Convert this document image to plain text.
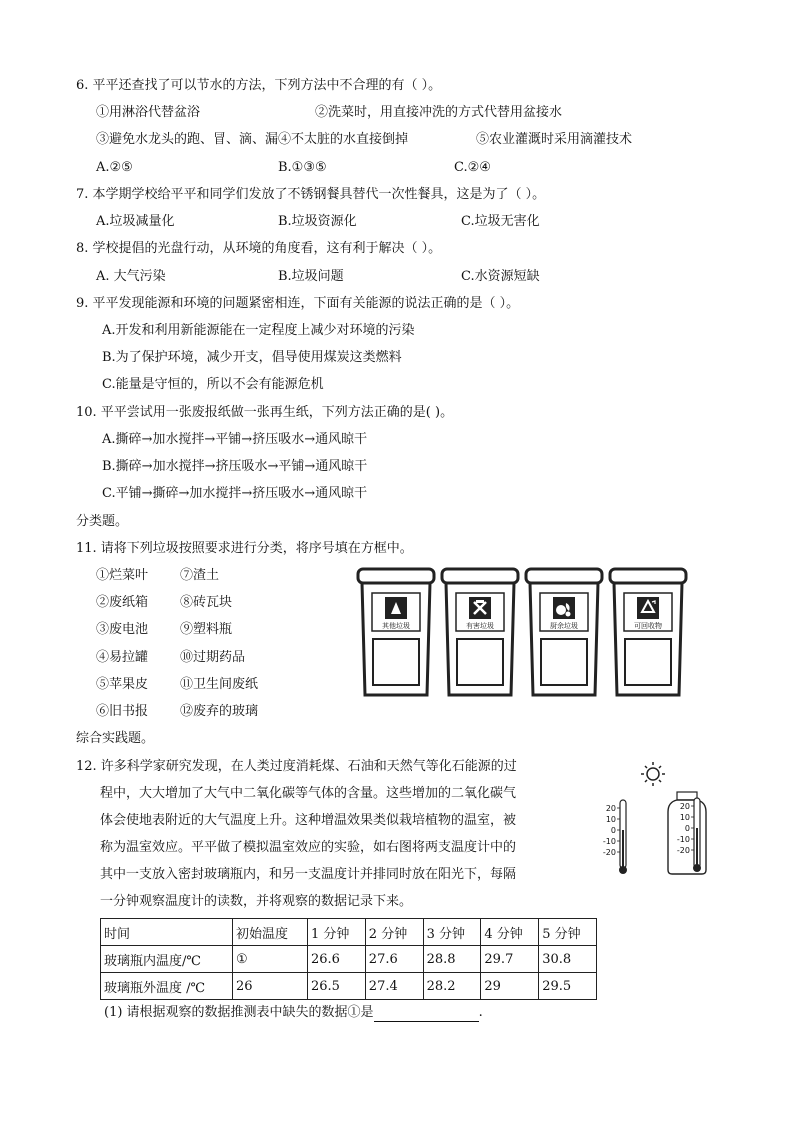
6. 平平还查找了可以节水的方法，下列方法中不合理的有（ ）。
①用淋浴代替盆浴	②洗菜时，用直接冲洗的方式代替用盆接水
③避免水龙头的跑、冒、滴、漏④不太脏的水直接倒掉	⑤农业灌溉时采用滴灌技术
A.②⑤	B.①③⑤	C.②④
7. 本学期学校给平平和同学们发放了不锈钢餐具替代一次性餐具，这是为了（ ）。
A.垃圾减量化	B.垃圾资源化	C.垃圾无害化
8. 学校提倡的光盘行动，从环境的角度看，这有利于解决（ ）。
A. 大气污染	B.垃圾问题	C.水资源短缺
9. 平平发现能源和环境的问题紧密相连，下面有关能源的说法正确的是（ ）。
A.开发和利用新能源能在一定程度上减少对环境的污染
B.为了保护环境，减少开支，倡导使用煤炭这类燃料
C.能量是守恒的，所以不会有能源危机
10. 平平尝试用一张废报纸做一张再生纸，下列方法正确的是( )。
A.撕碎→加水搅拌→平铺→挤压吸水→通风晾干
B.撕碎→加水搅拌→挤压吸水→平铺→通风晾干
C.平铺→撕碎→加水搅拌→挤压吸水→通风晾干
分类题。
11. 请将下列垃圾按照要求进行分类，将序号填在方框中。
①烂菜叶
②废纸箱
③废电池
④易拉罐
⑤苹果皮
⑥旧书报
⑦渣土
⑧砖瓦块
⑨塑料瓶
⑩过期药品
⑪卫生间废纸
⑫废弃的玻璃
其他垃圾	有害垃圾	厨余垃圾	可回收物
综合实践题。
12. 许多科学家研究发现，在人类过度消耗煤、石油和天然气等化石能源的过
程中，大大增加了大气中二氧化碳等气体的含量。这些增加的二氧化碳气
体会使地表附近的大气温度上升。这种增温效果类似栽培植物的温室，被
称为温室效应。平平做了模拟温室效应的实验，如右图将两支温度计中的
其中一支放入密封玻璃瓶内，和另一支温度计并排同时放在阳光下，每隔
一分钟观察温度计的读数，并将观察的数据记录下来。
20
10
0
-10
-20
20
10
0
-10
-20
时间	初始温度	1 分钟	2 分钟	3 分钟	4 分钟	5 分钟
玻璃瓶内温度/℃	①	26.6	27.6	28.8	29.7	30.8
玻璃瓶外温度 /℃	26	26.5	27.4	28.2	29	29.5
(1) 请根据观察的数据推测表中缺失的数据①是	.
